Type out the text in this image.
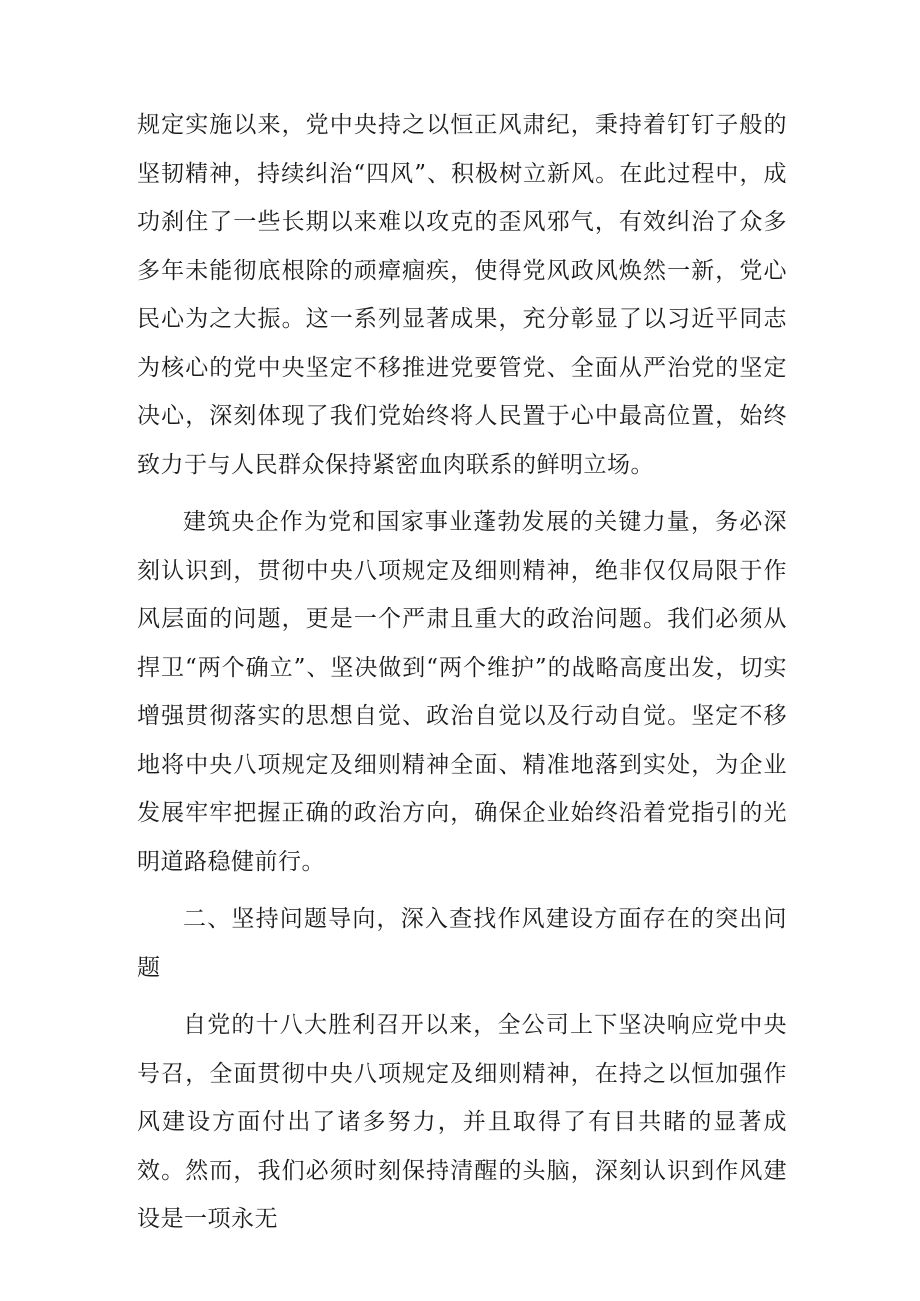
规定实施以来，党中央持之以恒正风肃纪，秉持着钉钉子般的坚韧精神，持续纠治“四风”、积极树立新风。在此过程中，成功刹住了一些长期以来难以攻克的歪风邪气，有效纠治了众多多年未能彻底根除的顽瘴痼疾，使得党风政风焕然一新，党心民心为之大振。这一系列显著成果，充分彰显了以习近平同志为核心的党中央坚定不移推进党要管党、全面从严治党的坚定决心，深刻体现了我们党始终将人民置于心中最高位置，始终致力于与人民群众保持紧密血肉联系的鲜明立场。

建筑央企作为党和国家事业蓬勃发展的关键力量，务必深刻认识到，贯彻中央八项规定及细则精神，绝非仅仅局限于作风层面的问题，更是一个严肃且重大的政治问题。我们必须从捍卫“两个确立”、坚决做到“两个维护”的战略高度出发，切实增强贯彻落实的思想自觉、政治自觉以及行动自觉。坚定不移地将中央八项规定及细则精神全面、精准地落到实处，为企业发展牢牢把握正确的政治方向，确保企业始终沿着党指引的光明道路稳健前行。

二、坚持问题导向，深入查找作风建设方面存在的突出问题

自党的十八大胜利召开以来，全公司上下坚决响应党中央号召，全面贯彻中央八项规定及细则精神，在持之以恒加强作风建设方面付出了诸多努力，并且取得了有目共睹的显著成效。然而，我们必须时刻保持清醒的头脑，深刻认识到作风建设是一项永无
